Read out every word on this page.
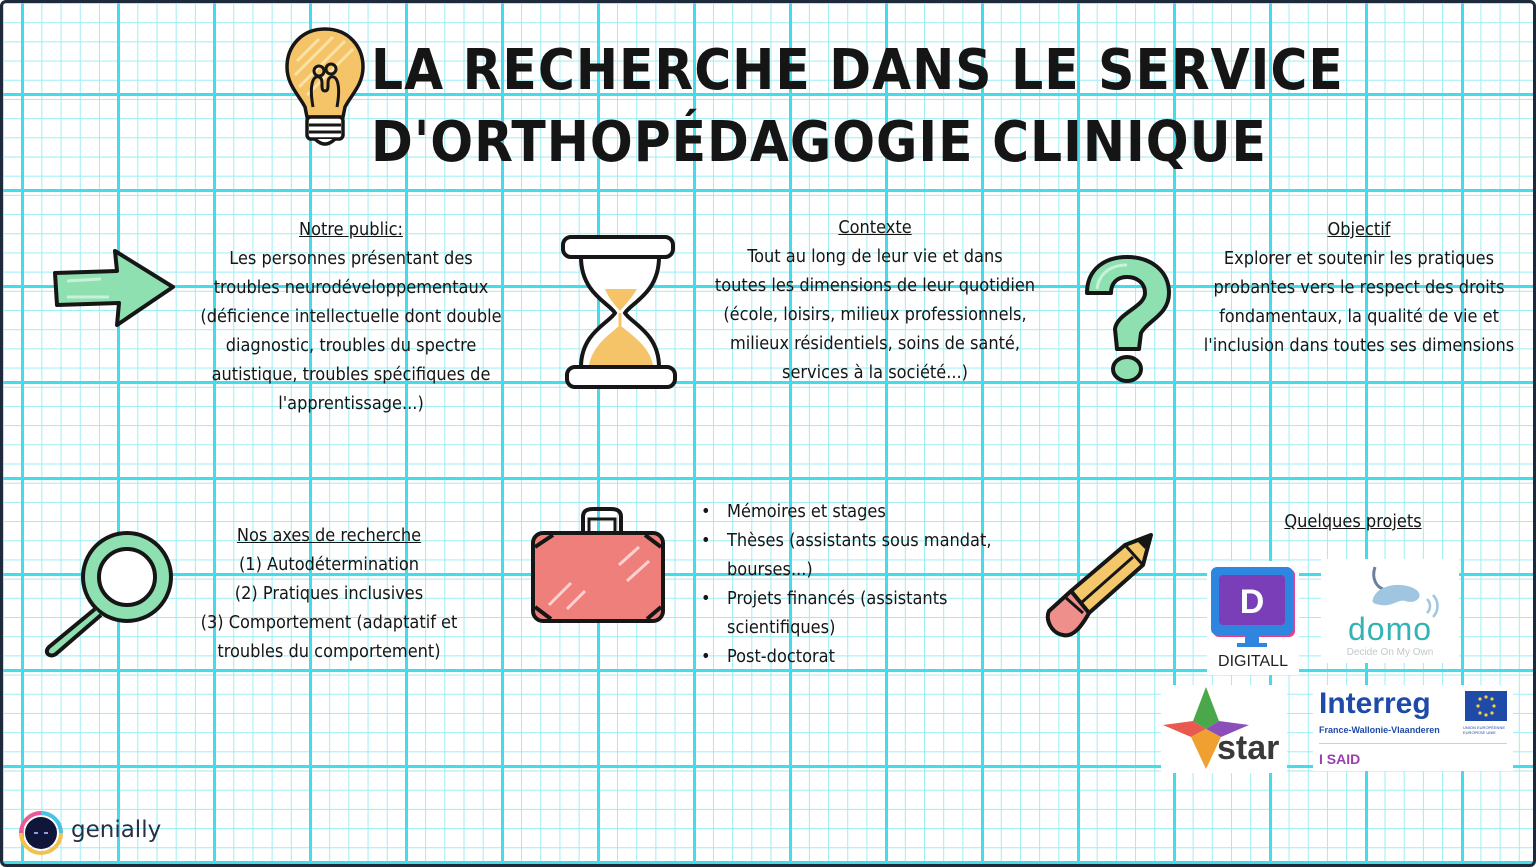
LA RECHERCHE DANS LE SERVICE
D'ORTHOPÉDAGOGIE CLINIQUE
Notre public:
Les personnes présentant des
troubles neurodéveloppementaux
(déficience intellectuelle dont double
diagnostic, troubles du spectre
autistique, troubles spécifiques de
l'apprentissage...)
Contexte
Tout au long de leur vie et dans
toutes les dimensions de leur quotidien
(école, loisirs, milieux professionnels,
milieux résidentiels, soins de santé,
services à la société...)
Objectif
Explorer et soutenir les pratiques
probantes vers le respect des droits
fondamentaux, la qualité de vie et
l'inclusion dans toutes ses dimensions
Nos axes de recherche
(1) Autodétermination
(2) Pratiques inclusives
(3) Comportement (adaptatif et
troubles du comportement)
• Mémoires et stages
• Thèses (assistants sous mandat,
bourses...)
• Projets financés (assistants
scientifiques)
• Post-doctorat
Quelques projets
D
DIGITALL
domo
Decide On My Own
star
Interreg
France-Wallonie-Vlaanderen	UNION EUROPÉENNE
EUROPESE UNIE
I SAID
genially
